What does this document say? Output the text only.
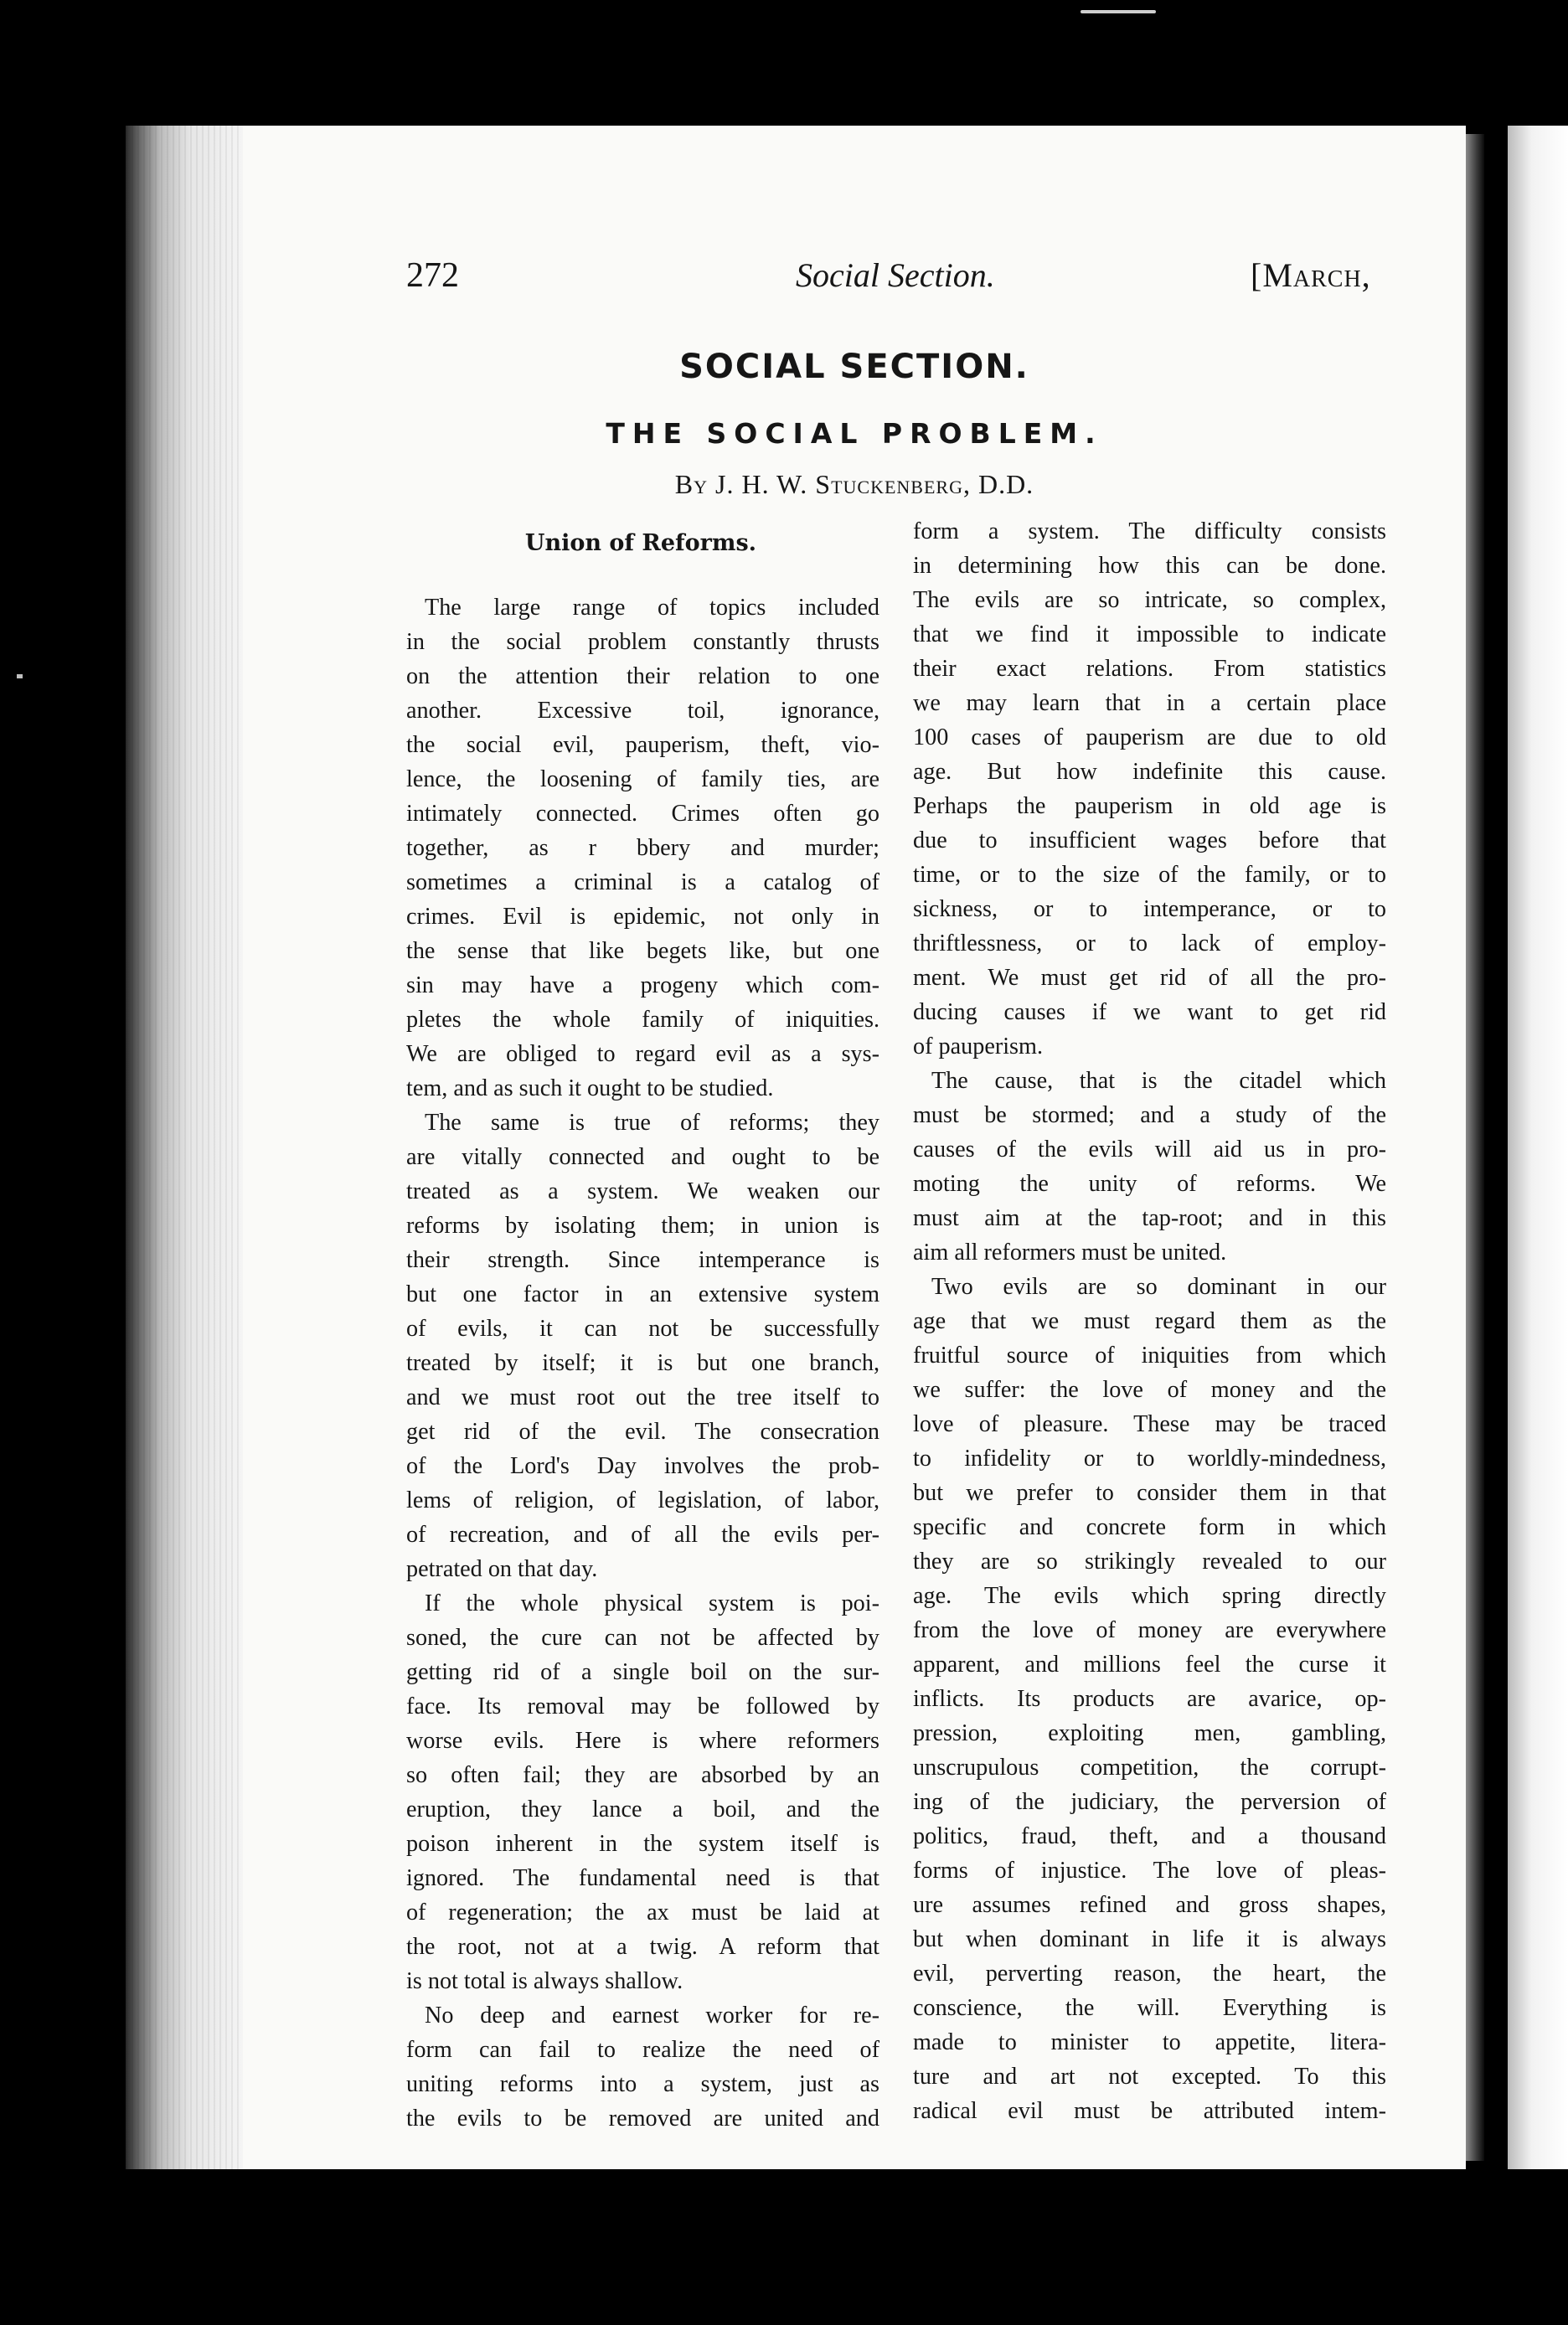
272	Social Section.	[March,
SOCIAL SECTION.
THE SOCIAL PROBLEM.
By J. H. W. Stuckenberg, D.D.
Union of Reforms.
The large range of topics included
in the social problem constantly thrusts
on the attention their relation to one
another. Excessive toil, ignorance,
the social evil, pauperism, theft, vio-
lence, the loosening of family ties, are
intimately connected. Crimes often go
together, as r bbery and murder;
sometimes a criminal is a catalog of
crimes. Evil is epidemic, not only in
the sense that like begets like, but one
sin may have a progeny which com-
pletes the whole family of iniquities.
We are obliged to regard evil as a sys-
tem, and as such it ought to be studied.
The same is true of reforms; they
are vitally connected and ought to be
treated as a system. We weaken our
reforms by isolating them; in union is
their strength. Since intemperance is
but one factor in an extensive system
of evils, it can not be successfully
treated by itself; it is but one branch,
and we must root out the tree itself to
get rid of the evil. The consecration
of the Lord's Day involves the prob-
lems of religion, of legislation, of labor,
of recreation, and of all the evils per-
petrated on that day.
If the whole physical system is poi-
soned, the cure can not be affected by
getting rid of a single boil on the sur-
face. Its removal may be followed by
worse evils. Here is where reformers
so often fail; they are absorbed by an
eruption, they lance a boil, and the
poison inherent in the system itself is
ignored. The fundamental need is that
of regeneration; the ax must be laid at
the root, not at a twig. A reform that
is not total is always shallow.
No deep and earnest worker for re-
form can fail to realize the need of
uniting reforms into a system, just as
the evils to be removed are united and
form a system. The difficulty consists
in determining how this can be done.
The evils are so intricate, so complex,
that we find it impossible to indicate
their exact relations. From statistics
we may learn that in a certain place
100 cases of pauperism are due to old
age. But how indefinite this cause.
Perhaps the pauperism in old age is
due to insufficient wages before that
time, or to the size of the family, or to
sickness, or to intemperance, or to
thriftlessness, or to lack of employ-
ment. We must get rid of all the pro-
ducing causes if we want to get rid
of pauperism.
The cause, that is the citadel which
must be stormed; and a study of the
causes of the evils will aid us in pro-
moting the unity of reforms. We
must aim at the tap-root; and in this
aim all reformers must be united.
Two evils are so dominant in our
age that we must regard them as the
fruitful source of iniquities from which
we suffer: the love of money and the
love of pleasure. These may be traced
to infidelity or to worldly-mindedness,
but we prefer to consider them in that
specific and concrete form in which
they are so strikingly revealed to our
age. The evils which spring directly
from the love of money are everywhere
apparent, and millions feel the curse it
inflicts. Its products are avarice, op-
pression, exploiting men, gambling,
unscrupulous competition, the corrupt-
ing of the judiciary, the perversion of
politics, fraud, theft, and a thousand
forms of injustice. The love of pleas-
ure assumes refined and gross shapes,
but when dominant in life it is always
evil, perverting reason, the heart, the
conscience, the will. Everything is
made to minister to appetite, litera-
ture and art not excepted. To this
radical evil must be attributed intem-
